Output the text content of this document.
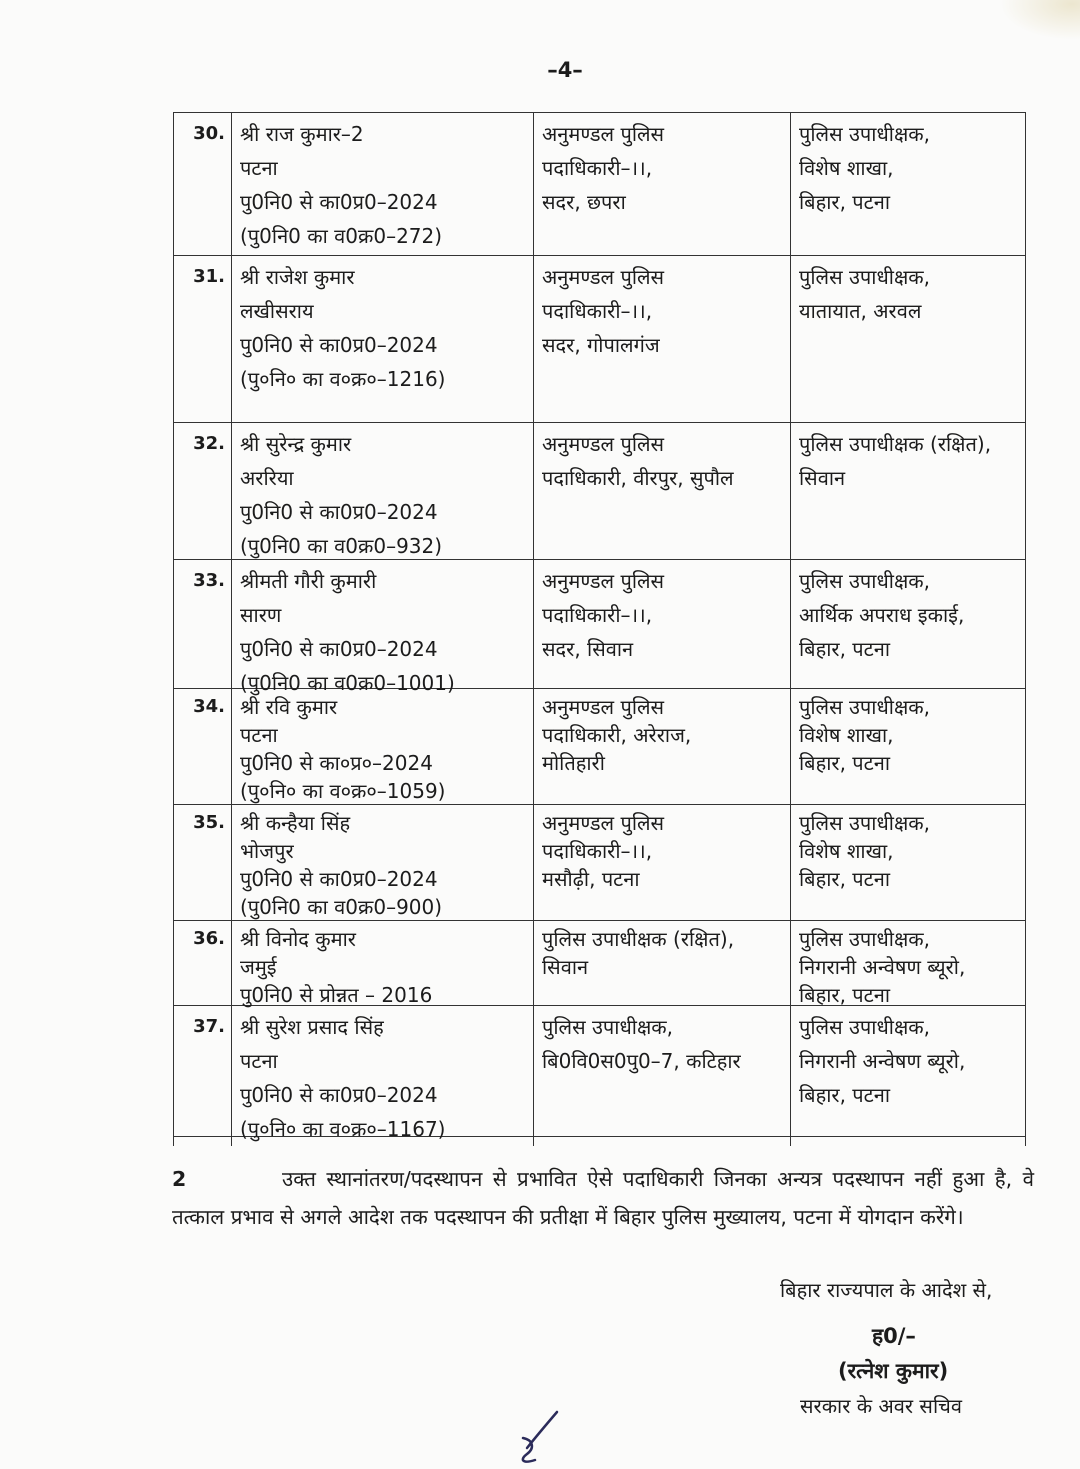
–4–
30. श्री राज कुमार–2
पटना
पु0नि0 से का0प्र0–2024
(पु0नि0 का व0क्र0–272)
अनुमण्डल पुलिस
पदाधिकारी–।।,
सदर, छपरा
पुलिस उपाधीक्षक,
विशेष शाखा,
बिहार, पटना
31. श्री राजेश कुमार
लखीसराय
पु0नि0 से का0प्र0–2024
(पु०नि० का व०क्र०–1216)
अनुमण्डल पुलिस
पदाधिकारी–।।,
सदर, गोपालगंज
पुलिस उपाधीक्षक,
यातायात, अरवल
32. श्री सुरेन्द्र कुमार
अररिया
पु0नि0 से का0प्र0–2024
(पु0नि0 का व0क्र0–932)
अनुमण्डल पुलिस
पदाधिकारी, वीरपुर, सुपौल
पुलिस उपाधीक्षक (रक्षित),
सिवान
33. श्रीमती गौरी कुमारी
सारण
पु0नि0 से का0प्र0–2024
(पु0नि0 का व0क्र0–1001)
अनुमण्डल पुलिस
पदाधिकारी–।।,
सदर, सिवान
पुलिस उपाधीक्षक,
आर्थिक अपराध इकाई,
बिहार, पटना
34. श्री रवि कुमार
पटना
पु0नि0 से का०प्र०–2024
(पु०नि० का व०क्र०–1059)
अनुमण्डल पुलिस
पदाधिकारी, अरेराज,
मोतिहारी
पुलिस उपाधीक्षक,
विशेष शाखा,
बिहार, पटना
35. श्री कन्हैया सिंह
भोजपुर
पु0नि0 से का0प्र0–2024
(पु0नि0 का व0क्र0–900)
अनुमण्डल पुलिस
पदाधिकारी–।।,
मसौढ़ी, पटना
पुलिस उपाधीक्षक,
विशेष शाखा,
बिहार, पटना
36. श्री विनोद कुमार
जमुई
पु0नि0 से प्रोन्नत – 2016
पुलिस उपाधीक्षक (रक्षित),
सिवान
पुलिस उपाधीक्षक,
निगरानी अन्वेषण ब्यूरो,
बिहार, पटना
37. श्री सुरेश प्रसाद सिंह
पटना
पु0नि0 से का0प्र0–2024
(पु०नि० का व०क्र०–1167)
पुलिस उपाधीक्षक,
बि0वि0स0पु0–7, कटिहार
पुलिस उपाधीक्षक,
निगरानी अन्वेषण ब्यूरो,
बिहार, पटना
2	उक्त स्थानांतरण/पदस्थापन से प्रभावित ऐसे पदाधिकारी जिनका अन्यत्र पदस्थापन नहीं हुआ है, वे तत्काल प्रभाव से अगले आदेश तक पदस्थापन की प्रतीक्षा में बिहार पुलिस मुख्यालय, पटना में योगदान करेंगे।
बिहार राज्यपाल के आदेश से,
ह0/–
(रत्नेश कुमार)
सरकार के अवर सचिव
